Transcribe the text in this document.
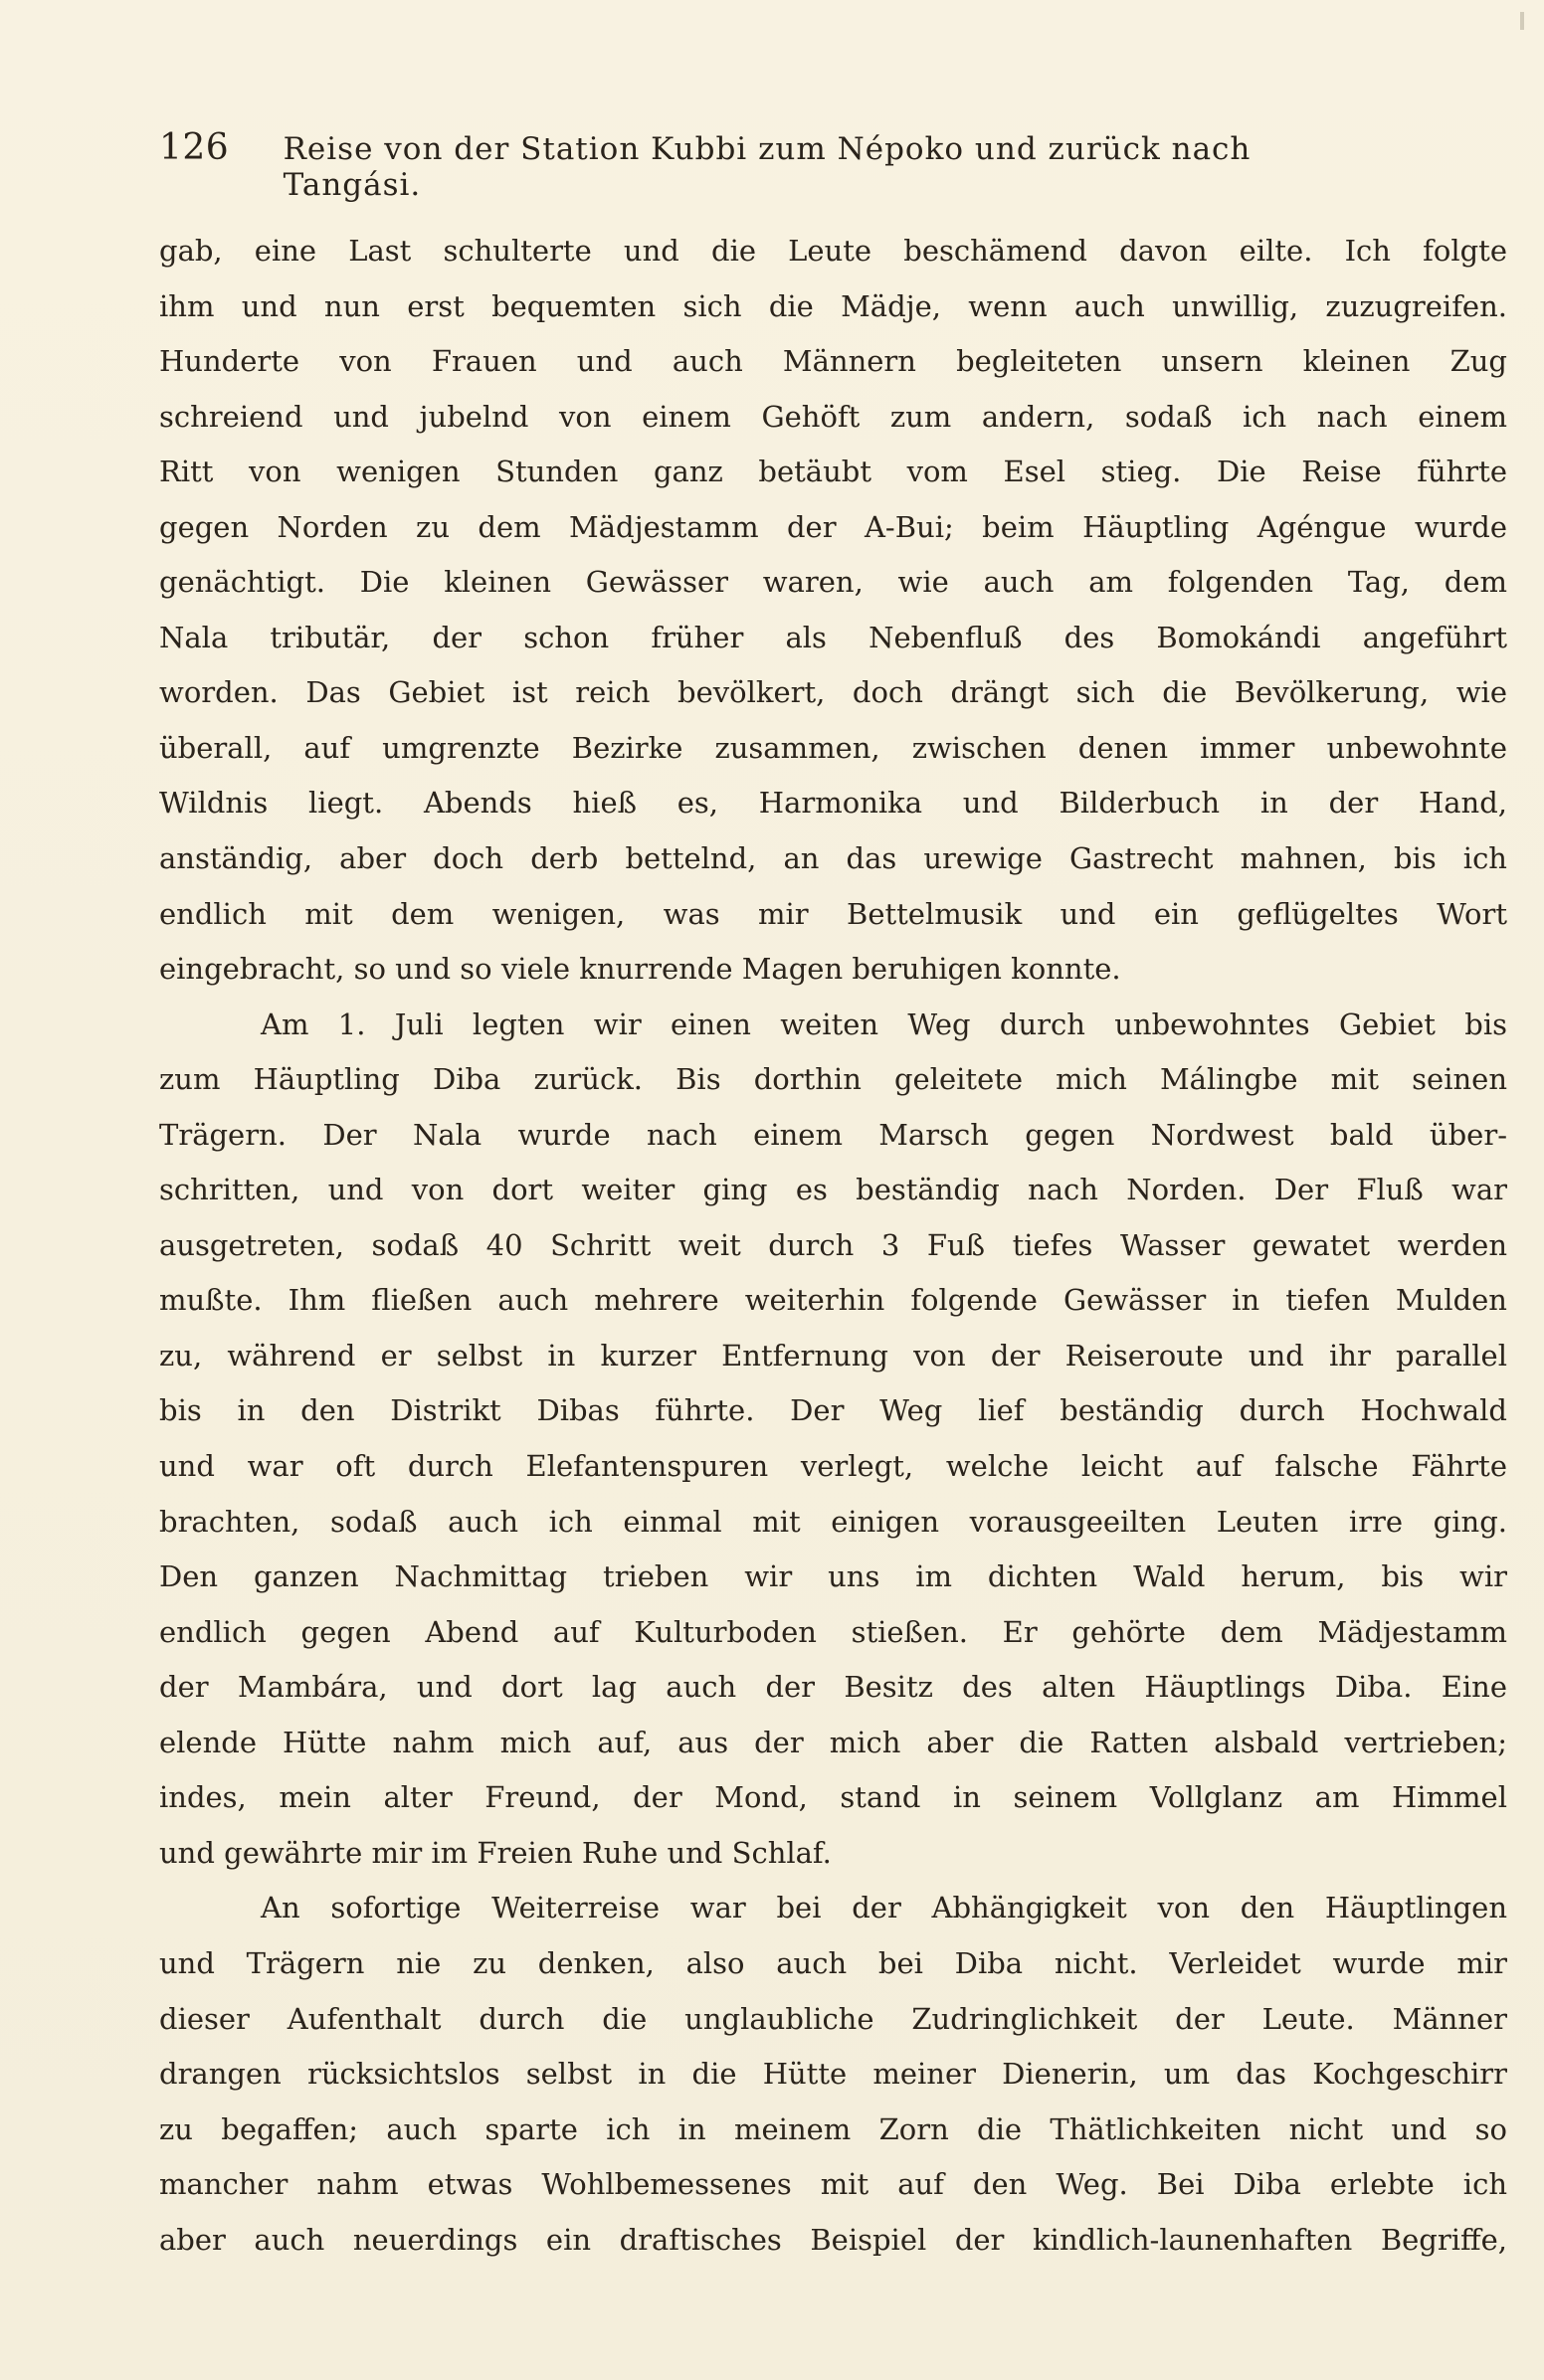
126	Reise von der Station Kubbi zum Népoko und zurück nach Tangási.

gab, eine Last schulterte und die Leute beschämend davon eilte. Ich folgte

ihm und nun erst bequemten sich die Mädje, wenn auch unwillig, zuzugreifen.

Hunderte von Frauen und auch Männern begleiteten unsern kleinen Zug

schreiend und jubelnd von einem Gehöft zum andern, sodaß ich nach einem

Ritt von wenigen Stunden ganz betäubt vom Esel stieg. Die Reise führte

gegen Norden zu dem Mädjestamm der A-Bui; beim Häuptling Agéngue wurde

genächtigt. Die kleinen Gewässer waren, wie auch am folgenden Tag, dem

Nala tributär, der schon früher als Nebenfluß des Bomokándi angeführt

worden. Das Gebiet ist reich bevölkert, doch drängt sich die Bevölkerung, wie

überall, auf umgrenzte Bezirke zusammen, zwischen denen immer unbewohnte

Wildnis liegt. Abends hieß es, Harmonika und Bilderbuch in der Hand,

anständig, aber doch derb bettelnd, an das urewige Gastrecht mahnen, bis ich

endlich mit dem wenigen, was mir Bettelmusik und ein geflügeltes Wort

eingebracht, so und so viele knurrende Magen beruhigen konnte.

Am 1. Juli legten wir einen weiten Weg durch unbewohntes Gebiet bis

zum Häuptling Diba zurück. Bis dorthin geleitete mich Málingbe mit seinen

Trägern. Der Nala wurde nach einem Marsch gegen Nordwest bald über-

schritten, und von dort weiter ging es beständig nach Norden. Der Fluß war

ausgetreten, sodaß 40 Schritt weit durch 3 Fuß tiefes Wasser gewatet werden

mußte. Ihm fließen auch mehrere weiterhin folgende Gewässer in tiefen Mulden

zu, während er selbst in kurzer Entfernung von der Reiseroute und ihr parallel

bis in den Distrikt Dibas führte. Der Weg lief beständig durch Hochwald

und war oft durch Elefantenspuren verlegt, welche leicht auf falsche Fährte

brachten, sodaß auch ich einmal mit einigen vorausgeeilten Leuten irre ging.

Den ganzen Nachmittag trieben wir uns im dichten Wald herum, bis wir

endlich gegen Abend auf Kulturboden stießen. Er gehörte dem Mädjestamm

der Mambára, und dort lag auch der Besitz des alten Häuptlings Diba. Eine

elende Hütte nahm mich auf, aus der mich aber die Ratten alsbald vertrieben;

indes, mein alter Freund, der Mond, stand in seinem Vollglanz am Himmel

und gewährte mir im Freien Ruhe und Schlaf.

An sofortige Weiterreise war bei der Abhängigkeit von den Häuptlingen

und Trägern nie zu denken, also auch bei Diba nicht. Verleidet wurde mir

dieser Aufenthalt durch die unglaubliche Zudringlichkeit der Leute. Männer

drangen rücksichtslos selbst in die Hütte meiner Dienerin, um das Kochgeschirr

zu begaffen; auch sparte ich in meinem Zorn die Thätlichkeiten nicht und so

mancher nahm etwas Wohlbemessenes mit auf den Weg. Bei Diba erlebte ich

aber auch neuerdings ein draftisches Beispiel der kindlich-launenhaften Begriffe,
